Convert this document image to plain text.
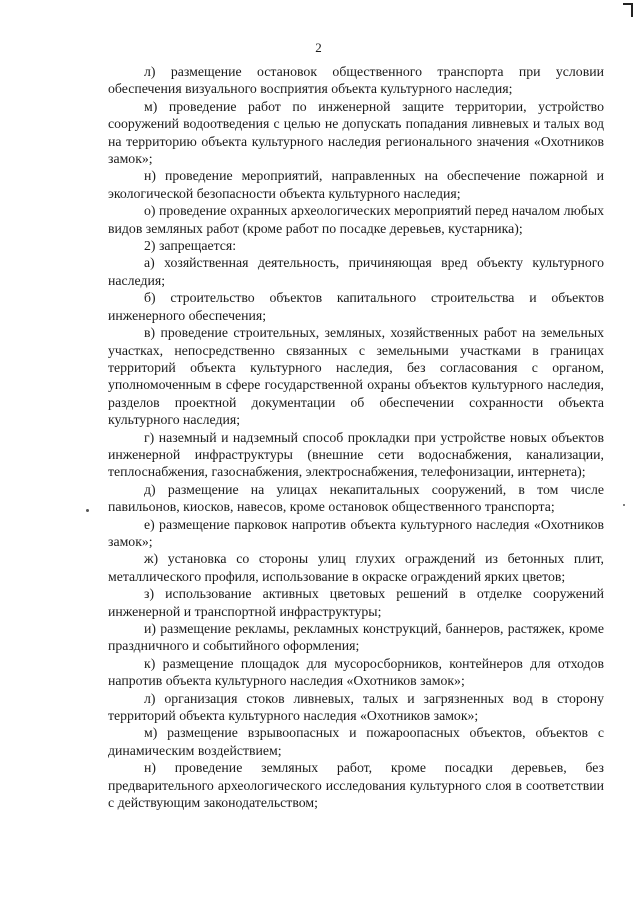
2

л) размещение остановок общественного транспорта при условии обеспечения визуального восприятия объекта культурного наследия;

м) проведение работ по инженерной защите территории, устройство сооружений водоотведения с целью не допускать попадания ливневых и талых вод на территорию объекта культурного наследия регионального значения «Охотников замок»;

н) проведение мероприятий, направленных на обеспечение пожарной и экологической безопасности объекта культурного наследия;

о) проведение охранных археологических мероприятий перед началом любых видов земляных работ (кроме работ по посадке деревьев, кустарника);

2) запрещается:

а) хозяйственная деятельность, причиняющая вред объекту культурного наследия;

б) строительство объектов капитального строительства и объектов инженерного обеспечения;

в) проведение строительных, земляных, хозяйственных работ на земельных участках, непосредственно связанных с земельными участками в границах территорий объекта культурного наследия, без согласования с органом, уполномоченным в сфере государственной охраны объектов культурного наследия, разделов проектной документации об обеспечении сохранности объекта культурного наследия;

г) наземный и надземный способ прокладки при устройстве новых объектов инженерной инфраструктуры (внешние сети водоснабжения, канализации, теплоснабжения, газоснабжения, электроснабжения, телефонизации, интернета);

д) размещение на улицах некапитальных сооружений, в том числе павильонов, киосков, навесов, кроме остановок общественного транспорта;

е) размещение парковок напротив объекта культурного наследия «Охотников замок»;

ж) установка со стороны улиц глухих ограждений из бетонных плит, металлического профиля, использование в окраске ограждений ярких цветов;

з) использование активных цветовых решений в отделке сооружений инженерной и транспортной инфраструктуры;

и) размещение рекламы, рекламных конструкций, баннеров, растяжек, кроме праздничного и событийного оформления;

к) размещение площадок для мусоросборников, контейнеров для отходов напротив объекта культурного наследия «Охотников замок»;

л) организация стоков ливневых, талых и загрязненных вод в сторону территорий объекта культурного наследия «Охотников замок»;

м) размещение взрывоопасных и пожароопасных объектов, объектов с динамическим воздействием;

н) проведение земляных работ, кроме посадки деревьев, без предварительного археологического исследования культурного слоя в соответствии с действующим законодательством;
